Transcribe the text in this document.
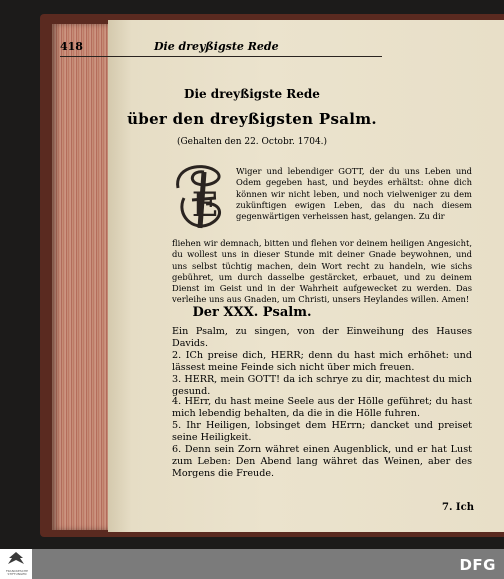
418	Die dreyßigste Rede
Die dreyßigste Rede
über den dreyßigsten Psalm.
(Gehalten den 22. Octobr. 1704.)
E
Wiger und lebendiger GOTT, der du uns Leben und Odem gegeben hast, und beydes erhältst: ohne dich können wir nicht leben, und noch vielweniger zu dem zukünftigen ewigen Leben, das du nach diesem gegenwärtigen verheissen hast, gelangen. Zu dir
fliehen wir demnach, bitten und flehen vor deinem heiligen Angesicht, du wollest uns in dieser Stunde mit deiner Gnade beywohnen, und uns selbst tüchtig machen, dein Wort recht zu handeln, wie sichs gebühret, um durch dasselbe gestärcket, erbauet, und zu deinem Dienst im Geist und in der Wahrheit aufgewecket zu werden. Das verleihe uns aus Gnaden, um Christi, unsers Heylandes willen. Amen!
Der XXX. Psalm.
Ein Psalm, zu singen, von der Einweihung des Hauses Davids.
2. ICh preise dich, HERR; denn du hast mich erhöhet: und lässest meine Feinde sich nicht über mich freuen.
3. HERR, mein GOTT! da ich schrye zu dir, machtest du mich gesund.
4. HErr, du hast meine Seele aus der Hölle geführet; du hast mich lebendig behalten, da die in die Hölle fuhren.
5. Ihr Heiligen, lobsinget dem HErrn; dancket und preiset seine Heiligkeit.
6. Denn sein Zorn währet einen Augenblick, und er hat Lust zum Leben: Den Abend lang währet das Weinen, aber des Morgens die Freude.
7. Ich
FRANCKESCHE STIFTUNGEN	DFG
